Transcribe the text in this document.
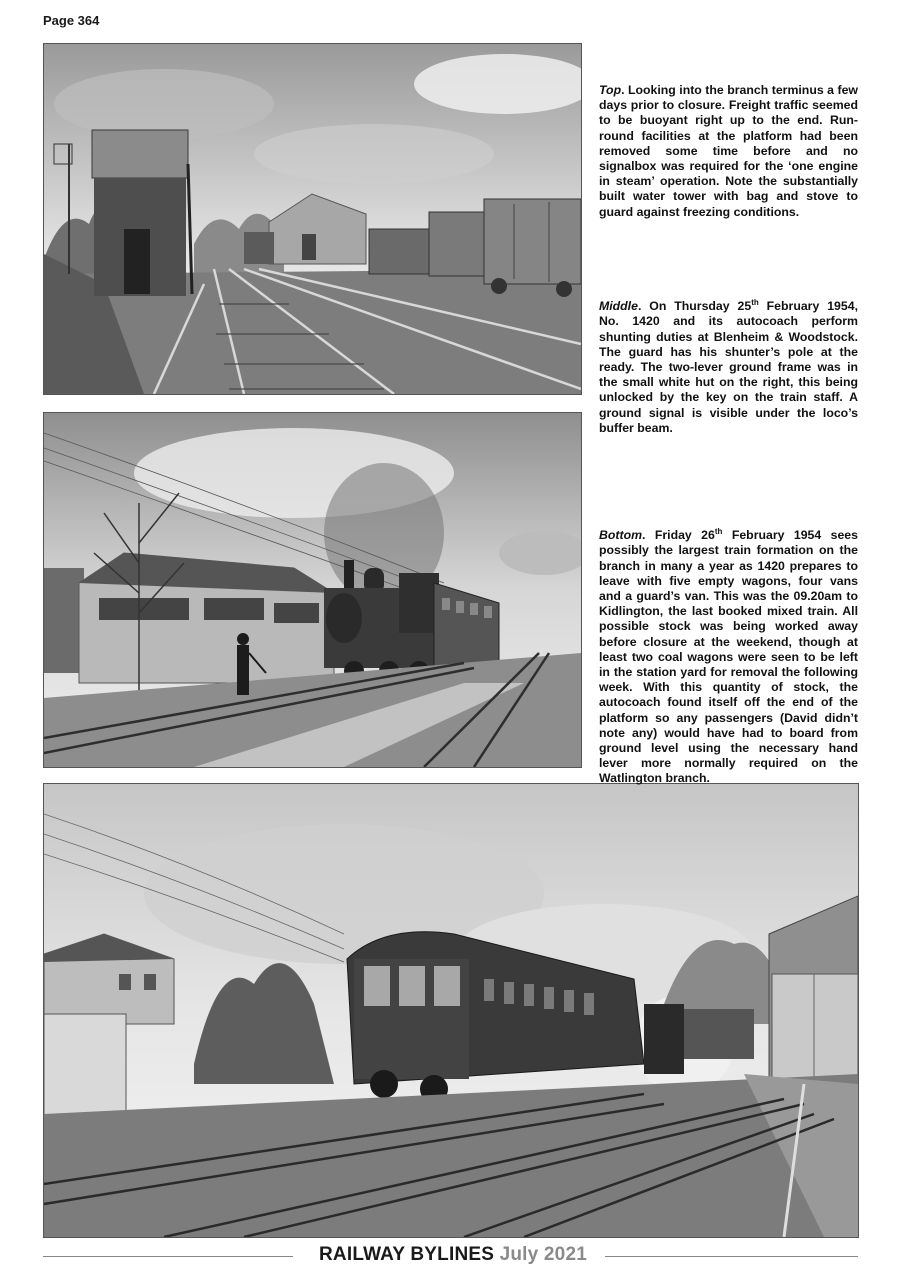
Page 364
Top. Looking into the branch terminus a few days prior to closure. Freight traffic seemed to be buoyant right up to the end. Run-round facilities at the platform had been removed some time before and no signalbox was required for the ‘one engine in steam’ operation. Note the substantially built water tower with bag and stove to guard against freezing conditions.
Middle. On Thursday 25th February 1954, No. 1420 and its autocoach perform shunting duties at Blenheim & Woodstock. The guard has his shunter’s pole at the ready. The two-lever ground frame was in the small white hut on the right, this being unlocked by the key on the train staff. A ground signal is visible under the loco’s buffer beam.
Bottom. Friday 26th February 1954 sees possibly the largest train formation on the branch in many a year as 1420 prepares to leave with five empty wagons, four vans and a guard’s van. This was the 09.20am to Kidlington, the last booked mixed train. All possible stock was being worked away before closure at the weekend, though at least two coal wagons were seen to be left in the station yard for removal the following week. With this quantity of stock, the autocoach found itself off the end of the platform so any passengers (David didn’t note any) would have had to board from ground level using the necessary hand lever more normally required on the Watlington branch.
RAILWAY BYLINES July 2021
